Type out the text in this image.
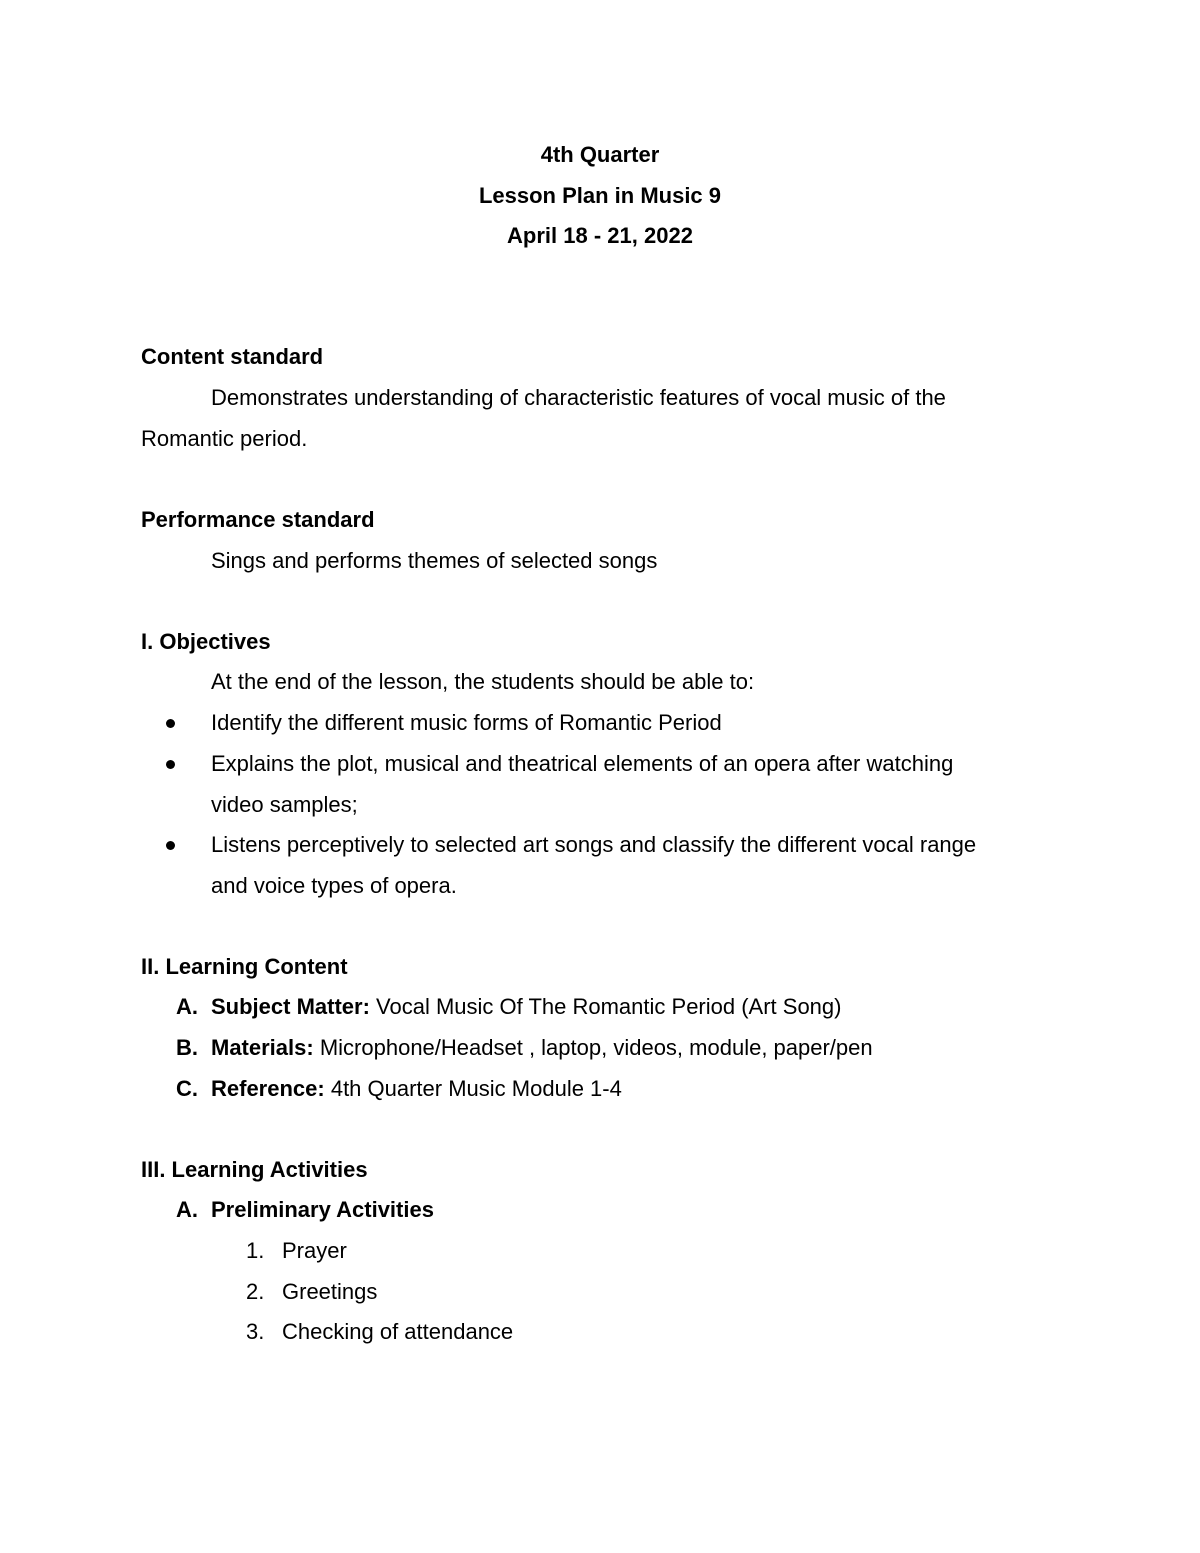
4th Quarter
Lesson Plan in Music 9
April 18 - 21, 2022
Content standard
Demonstrates understanding of characteristic features of vocal music of the
Romantic period.
Performance standard
Sings and performs themes of selected songs
I. Objectives
At the end of the lesson, the students should be able to:
Identify the different music forms of Romantic Period
Explains the plot, musical and theatrical elements of an opera after watching
video samples;
Listens perceptively to selected art songs and classify the different vocal range
and voice types of opera.
II. Learning Content
A. Subject Matter: Vocal Music Of The Romantic Period (Art Song)
B. Materials: Microphone/Headset , laptop, videos, module, paper/pen
C. Reference: 4th Quarter Music Module 1-4
III. Learning Activities
A. Preliminary Activities
1. Prayer
2. Greetings
3. Checking of attendance
